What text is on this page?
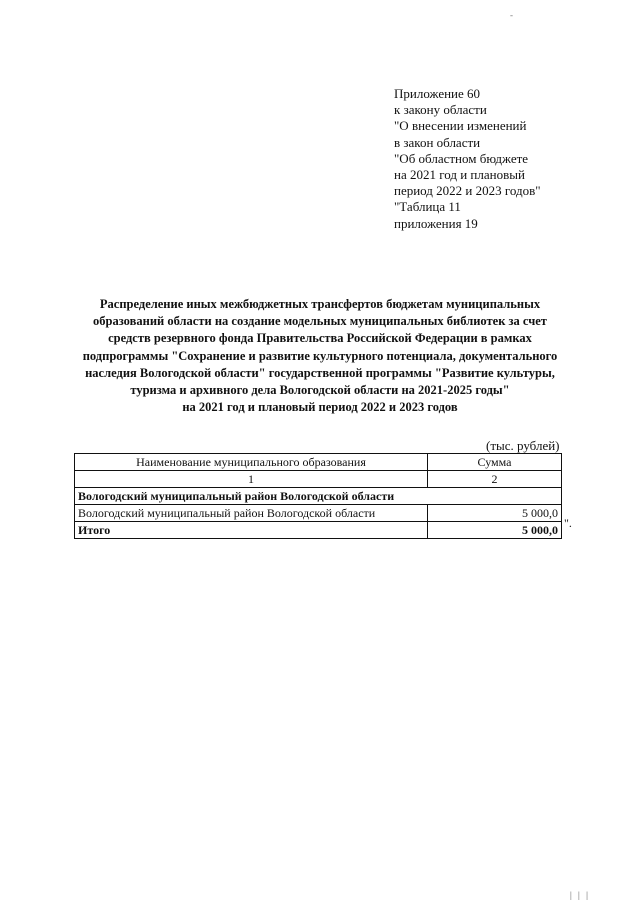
-
Приложение 60
к закону области
"О внесении изменений
в закон области
"Об областном бюджете
на 2021 год и плановый
период 2022 и 2023 годов"
"Таблица 11
приложения 19
Распределение иных межбюджетных трансфертов бюджетам муниципальных
образований области на создание модельных муниципальных библиотек за счет
средств резервного фонда Правительства Российской Федерации в рамках
подпрограммы "Сохранение и развитие культурного потенциала, документального
наследия Вологодской области" государственной программы "Развитие культуры,
туризма и архивного дела Вологодской области на 2021-2025 годы"
на 2021 год и плановый период 2022 и 2023 годов
(тыс. рублей)
Наименование муниципального образования	Сумма
1	2
Вологодский муниципальный район Вологодской области	
Вологодский муниципальный район Вологодской области	5 000,0
Итого	5 000,0 ".
| | |
